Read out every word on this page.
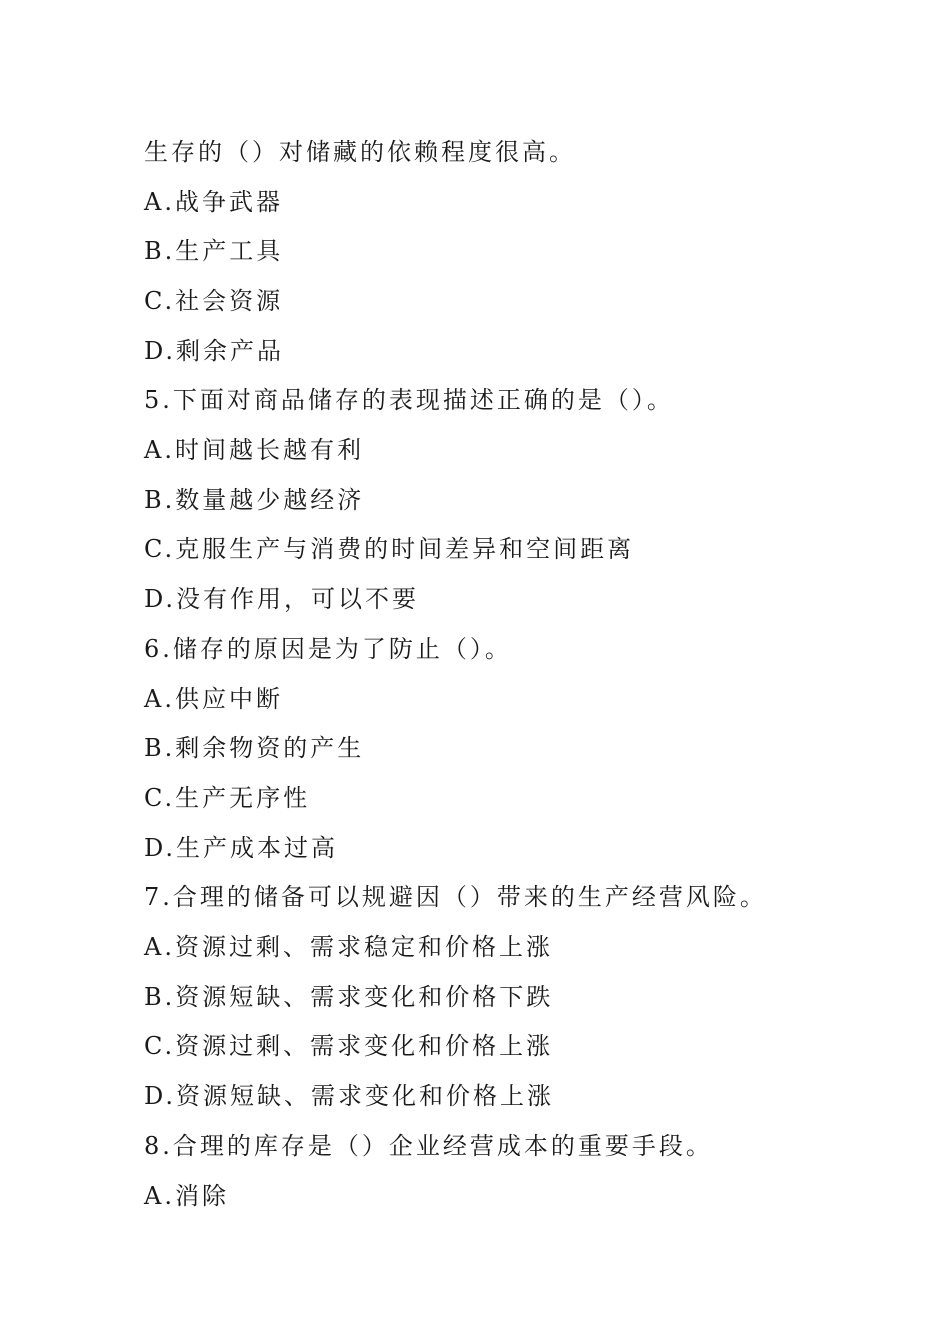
生存的（）对储藏的依赖程度很高。
A.战争武器
B.生产工具
C.社会资源
D.剩余产品
5.下面对商品储存的表现描述正确的是（）。
A.时间越长越有利
B.数量越少越经济
C.克服生产与消费的时间差异和空间距离
D.没有作用，可以不要
6.储存的原因是为了防止（）。
A.供应中断
B.剩余物资的产生
C.生产无序性
D.生产成本过高
7.合理的储备可以规避因（）带来的生产经营风险。
A.资源过剩、需求稳定和价格上涨
B.资源短缺、需求变化和价格下跌
C.资源过剩、需求变化和价格上涨
D.资源短缺、需求变化和价格上涨
8.合理的库存是（）企业经营成本的重要手段。
A.消除
